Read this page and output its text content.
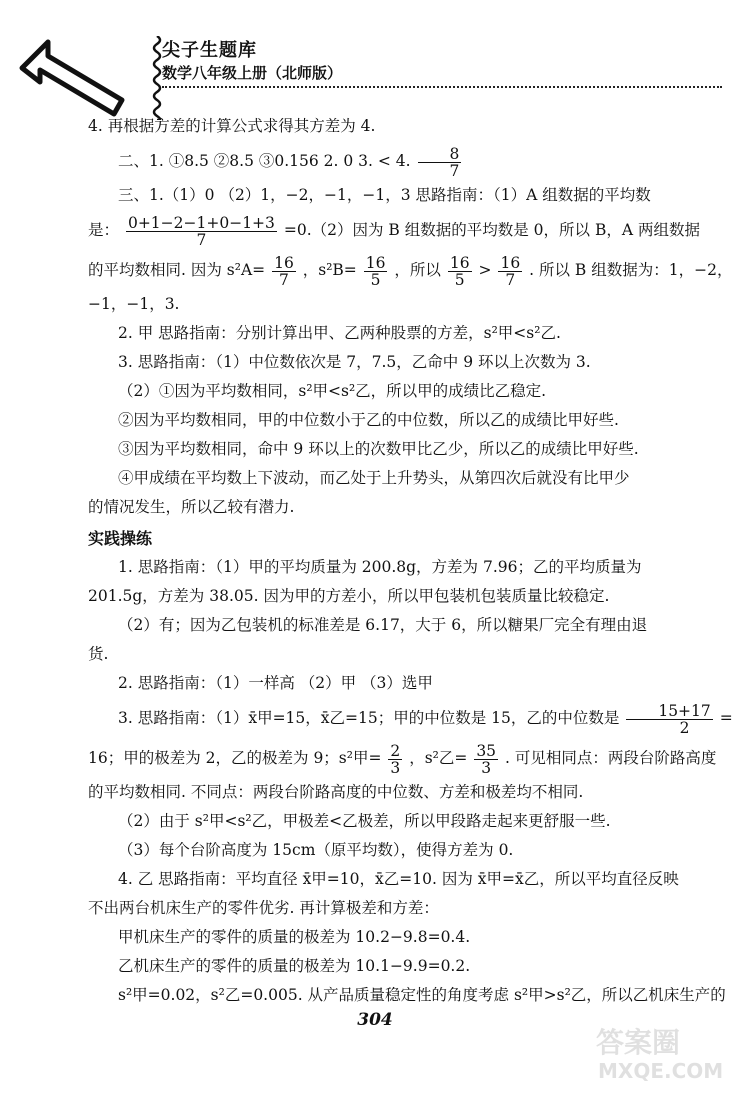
尖子生题库
数学八年级上册（北师版）

4. 再根据方差的计算公式求得其方差为 4.

二、1. ①8.5 ②8.5 ③0.156 2. 0 3. < 4. $\frac{8}{7}$

三、1.（1）0 （2）1，−2，−1，−1，3 思路指南：（1）A 组数据的平均数

是： $\frac{0+1-2-1+0-1+3}{7} =0.(2)$因为 B 组数据的平均数是 0，所以 B，A 两组数据

的平均数相同. 因为 $s^2A= \frac{16}{7}$ ，$s^2B= \frac{16}{5}$ ，所以 $\frac{16}{5} > \frac{16}{7}$ . 所以 B 组数据为：1，−2，

−1，−1，3.

2. 甲 思路指南：分别计算出甲、乙两种股票的方差，s²甲<s²乙.

3. 思路指南：（1）中位数依次是 7，7.5，乙命中 9 环以上次数为 3.

（2）①因为平均数相同，s²甲<s²乙，所以甲的成绩比乙稳定.

②因为平均数相同，甲的中位数小于乙的中位数，所以乙的成绩比甲好些.

③因为平均数相同，命中 9 环以上的次数甲比乙少，所以乙的成绩比甲好些.

④甲成绩在平均数上下波动，而乙处于上升势头，从第四次后就没有比甲少

的情况发生，所以乙较有潜力.

实践操练

1. 思路指南：（1）甲的平均质量为 200.8g，方差为 7.96；乙的平均质量为

201.5g，方差为 38.05. 因为甲的方差小，所以甲包装机包装质量比较稳定.

（2）有；因为乙包装机的标准差是 6.17，大于 6，所以糖果厂完全有理由退

货.

2. 思路指南：（1）一样高 （2）甲 （3）选甲

3. 思路指南：（1）x̄甲=15，x̄乙=15；甲的中位数是 15，乙的中位数是 $\frac{15+17}{2}$ =

16；甲的极差为 2，乙的极差为 9；s²甲= $\frac{2}{3}$ ，s²乙= $\frac{35}{3}$ . 可见相同点：两段台阶路高度

的平均数相同. 不同点：两段台阶路高度的中位数、方差和极差均不相同.

（2）由于 s²甲<s²乙，甲极差<乙极差，所以甲段路走起来更舒服一些.

（3）每个台阶高度为 15cm（原平均数），使得方差为 0.

4. 乙 思路指南：平均直径 x̄甲=10，x̄乙=10. 因为 x̄甲=x̄乙，所以平均直径反映

不出两台机床生产的零件优劣. 再计算极差和方差：

甲机床生产的零件的质量的极差为 10.2−9.8=0.4.

乙机床生产的零件的质量的极差为 10.1−9.9=0.2.

s²甲=0.02，s²乙=0.005. 从产品质量稳定性的角度考虑 s²甲>s²乙，所以乙机床生产的

304
答案圈
MXQE.COM
